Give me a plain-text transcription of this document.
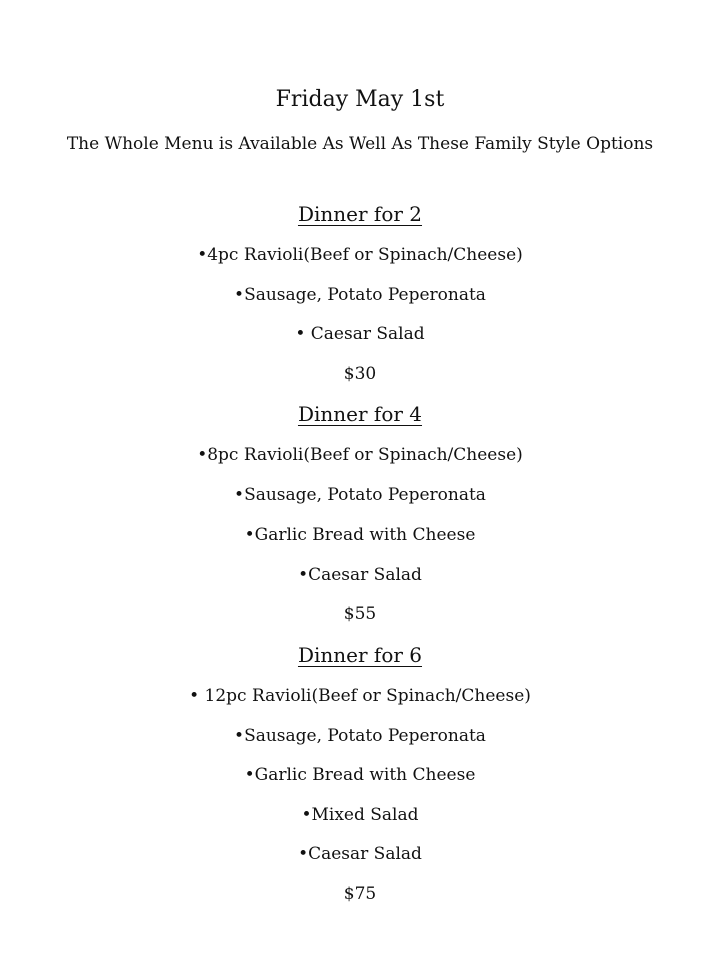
Friday May 1st
The Whole Menu is Available As Well As These Family Style Options
Dinner for 2
•4pc Ravioli(Beef or Spinach/Cheese)
•Sausage, Potato Peperonata
• Caesar Salad
$30
Dinner for 4
•8pc Ravioli(Beef or Spinach/Cheese)
•Sausage, Potato Peperonata
•Garlic Bread with Cheese
•Caesar Salad
$55
Dinner for 6
• 12pc Ravioli(Beef or Spinach/Cheese)
•Sausage, Potato Peperonata
•Garlic Bread with Cheese
•Mixed Salad
•Caesar Salad
$75
